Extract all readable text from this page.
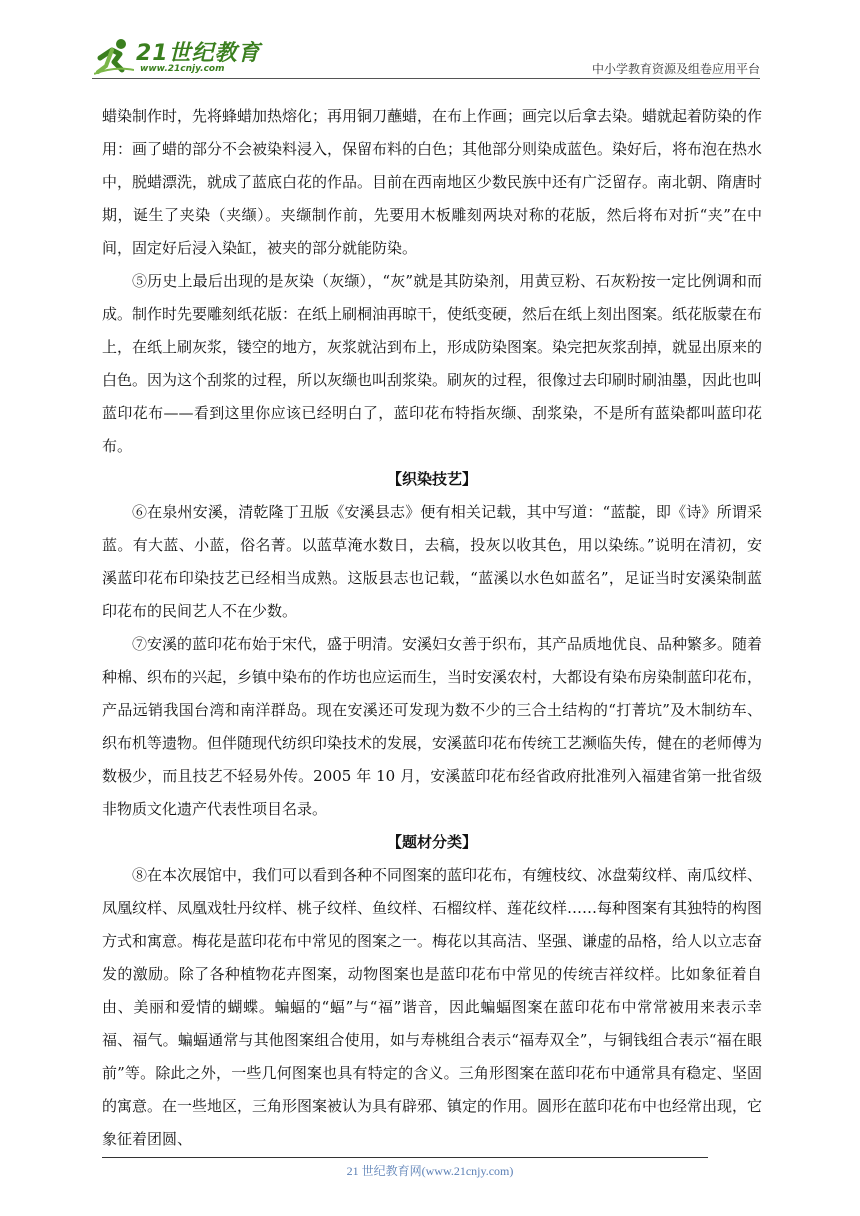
21世纪教育
www.21cnjy.com	中小学教育资源及组卷应用平台

蜡染制作时，先将蜂蜡加热熔化；再用铜刀蘸蜡，在布上作画；画完以后拿去染。蜡就起着防染的作用：画了蜡的部分不会被染料浸入，保留布料的白色；其他部分则染成蓝色。染好后，将布泡在热水中，脱蜡漂洗，就成了蓝底白花的作品。目前在西南地区少数民族中还有广泛留存。南北朝、隋唐时期，诞生了夹染（夹缬）。夹缬制作前，先要用木板雕刻两块对称的花版，然后将布对折“夹”在中间，固定好后浸入染缸，被夹的部分就能防染。

⑤历史上最后出现的是灰染（灰缬），“灰”就是其防染剂，用黄豆粉、石灰粉按一定比例调和而成。制作时先要雕刻纸花版：在纸上刷桐油再晾干，使纸变硬，然后在纸上刻出图案。纸花版蒙在布上，在纸上刷灰浆，镂空的地方，灰浆就沾到布上，形成防染图案。染完把灰浆刮掉，就显出原来的白色。因为这个刮浆的过程，所以灰缬也叫刮浆染。刷灰的过程，很像过去印刷时刷油墨，因此也叫蓝印花布——看到这里你应该已经明白了，蓝印花布特指灰缬、刮浆染，不是所有蓝染都叫蓝印花布。

【织染技艺】

⑥在泉州安溪，清乾隆丁丑版《安溪县志》便有相关记载，其中写道：“蓝靛，即《诗》所谓采蓝。有大蓝、小蓝，俗名菁。以蓝草淹水数日，去稿，投灰以收其色，用以染练。”说明在清初，安溪蓝印花布印染技艺已经相当成熟。这版县志也记载，“蓝溪以水色如蓝名”，足证当时安溪染制蓝印花布的民间艺人不在少数。

⑦安溪的蓝印花布始于宋代，盛于明清。安溪妇女善于织布，其产品质地优良、品种繁多。随着种棉、织布的兴起，乡镇中染布的作坊也应运而生，当时安溪农村，大都设有染布房染制蓝印花布，产品远销我国台湾和南洋群岛。现在安溪还可发现为数不少的三合土结构的“打菁坑”及木制纺车、织布机等遗物。但伴随现代纺织印染技术的发展，安溪蓝印花布传统工艺濒临失传，健在的老师傅为数极少，而且技艺不轻易外传。2005 年 10 月，安溪蓝印花布经省政府批准列入福建省第一批省级非物质文化遗产代表性项目名录。

【题材分类】

⑧在本次展馆中，我们可以看到各种不同图案的蓝印花布，有缠枝纹、冰盘菊纹样、南瓜纹样、凤凰纹样、凤凰戏牡丹纹样、桃子纹样、鱼纹样、石榴纹样、莲花纹样……每种图案有其独特的构图方式和寓意。梅花是蓝印花布中常见的图案之一。梅花以其高洁、坚强、谦虚的品格，给人以立志奋发的激励。除了各种植物花卉图案，动物图案也是蓝印花布中常见的传统吉祥纹样。比如象征着自由、美丽和爱情的蝴蝶。蝙蝠的“蝠”与“福”谐音，因此蝙蝠图案在蓝印花布中常常被用来表示幸福、福气。蝙蝠通常与其他图案组合使用，如与寿桃组合表示“福寿双全”，与铜钱组合表示“福在眼前”等。除此之外，一些几何图案也具有特定的含义。三角形图案在蓝印花布中通常具有稳定、坚固的寓意。在一些地区，三角形图案被认为具有辟邪、镇定的作用。圆形在蓝印花布中也经常出现，它象征着团圆、

21 世纪教育网(www.21cnjy.com)
